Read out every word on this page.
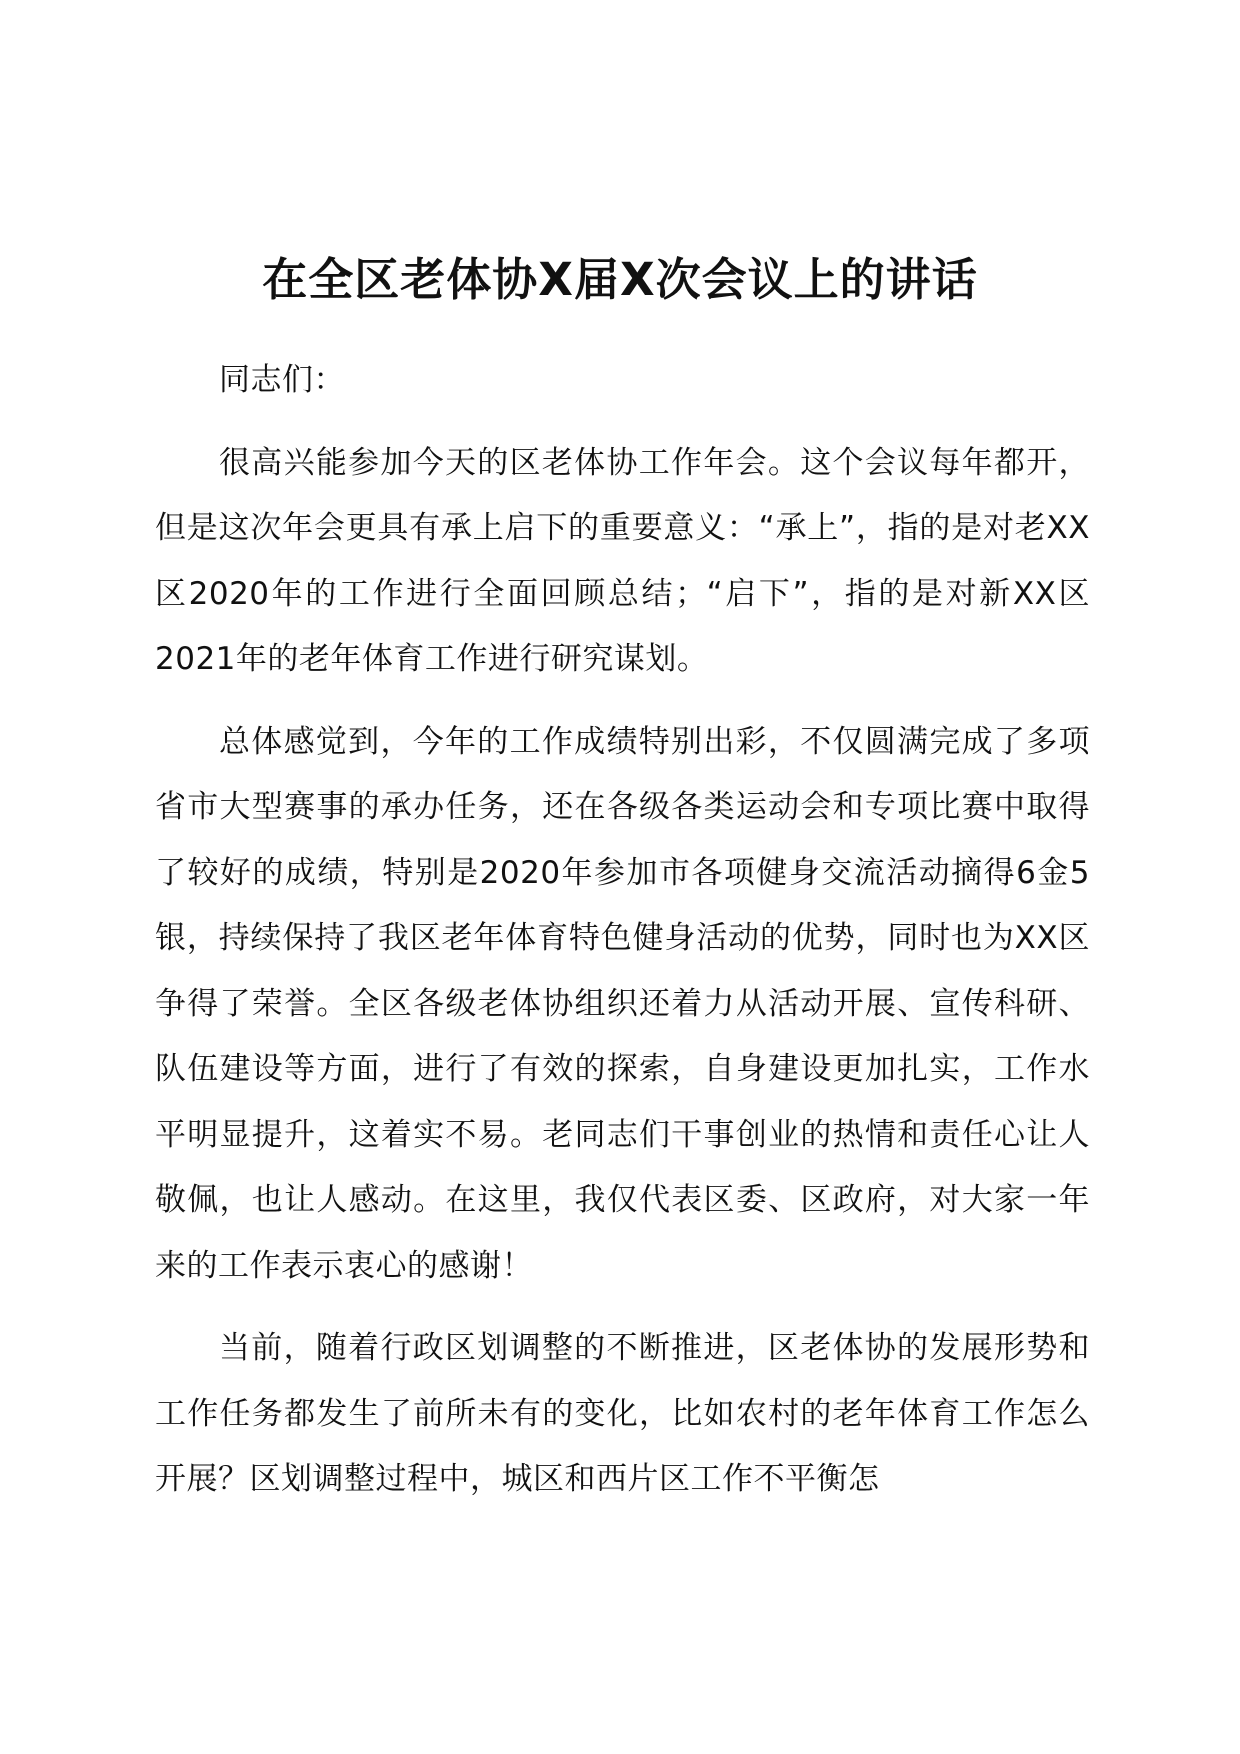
在全区老体协X届X次会议上的讲话

同志们：

很高兴能参加今天的区老体协工作年会。这个会议每年都开，但是这次年会更具有承上启下的重要意义：“承上”，指的是对老XX区2020年的工作进行全面回顾总结；“启下”，指的是对新XX区2021年的老年体育工作进行研究谋划。

总体感觉到，今年的工作成绩特别出彩，不仅圆满完成了多项省市大型赛事的承办任务，还在各级各类运动会和专项比赛中取得了较好的成绩，特别是2020年参加市各项健身交流活动摘得6金5银，持续保持了我区老年体育特色健身活动的优势，同时也为XX区争得了荣誉。全区各级老体协组织还着力从活动开展、宣传科研、队伍建设等方面，进行了有效的探索，自身建设更加扎实，工作水平明显提升，这着实不易。老同志们干事创业的热情和责任心让人敬佩，也让人感动。在这里，我仅代表区委、区政府，对大家一年来的工作表示衷心的感谢！

当前，随着行政区划调整的不断推进，区老体协的发展形势和工作任务都发生了前所未有的变化，比如农村的老年体育工作怎么开展？区划调整过程中，城区和西片区工作不平衡怎
